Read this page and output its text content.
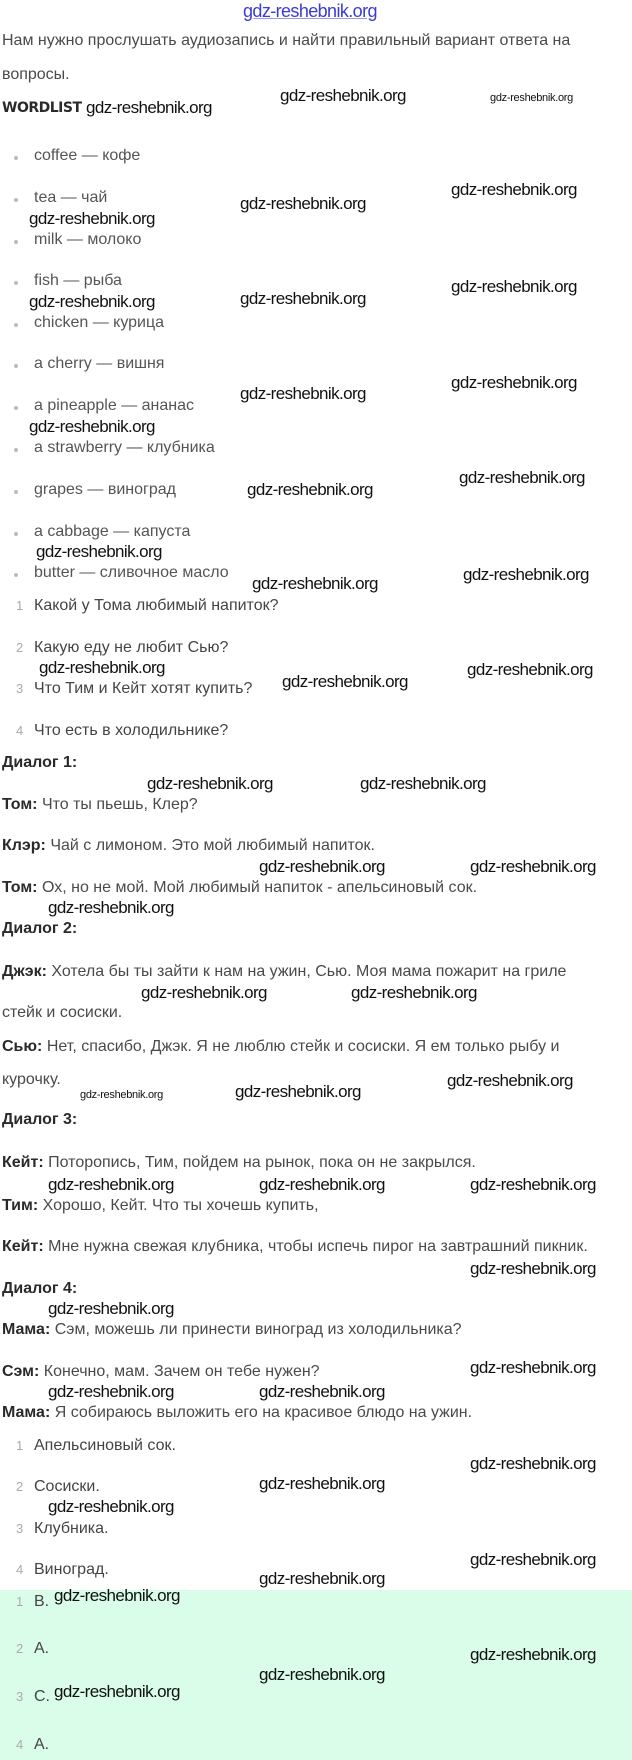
Нам нужно прослушать аудиозапись и найти правильный вариант ответа на
вопросы.
WORDLIST
coffee — кофе
tea — чай
milk — молоко
fish — рыба
chicken — курица
a cherry — вишня
a pineapple — ананас
a strawberry — клубника
grapes — виноград
a cabbage — капуста
butter — сливочное масло
1 Какой у Тома любимый напиток?
2 Какую еду не любит Сью?
3 Что Тим и Кейт хотят купить?
4 Что есть в холодильнике?
Диалог 1:
Том: Что ты пьешь, Клер?
Клэр: Чай с лимоном. Это мой любимый напиток.
Том: Ох, но не мой. Мой любимый напиток - апельсиновый сок.
Диалог 2:
Джэк: Хотела бы ты зайти к нам на ужин, Сью. Моя мама пожарит на гриле
стейк и сосиски.
Сью: Нет, спасибо, Джэк. Я не люблю стейк и сосиски. Я ем только рыбу и
курочку.
Диалог 3:
Кейт: Поторопись, Тим, пойдем на рынок, пока он не закрылся.
Тим: Хорошо, Кейт. Что ты хочешь купить,
Кейт: Мне нужна свежая клубника, чтобы испечь пирог на завтрашний пикник.
Диалог 4:
Мама: Сэм, можешь ли принести виноград из холодильника?
Сэм: Конечно, мам. Зачем он тебе нужен?
Мама: Я собираюсь выложить его на красивое блюдо на ужин.
1 Апельсиновый сок.
2 Сосиски.
3 Клубника.
4 Виноград.
1 B.
2 A.
3 C.
4 A.
gdz-reshebnik.org
gdz-reshebnik.org
gdz-reshebnik.org	gdz-reshebnik.org
gdz-reshebnik.org
gdz-reshebnik.org
gdz-reshebnik.org
gdz-reshebnik.org
gdz-reshebnik.org	gdz-reshebnik.org
gdz-reshebnik.org
gdz-reshebnik.org
gdz-reshebnik.org
gdz-reshebnik.org
gdz-reshebnik.org
gdz-reshebnik.org
gdz-reshebnik.org	gdz-reshebnik.org
gdz-reshebnik.org
gdz-reshebnik.org
gdz-reshebnik.org
gdz-reshebnik.org	gdz-reshebnik.org
gdz-reshebnik.org	gdz-reshebnik.org
gdz-reshebnik.org
gdz-reshebnik.org	gdz-reshebnik.org
gdz-reshebnik.org	gdz-reshebnik.org
gdz-reshebnik.org
gdz-reshebnik.org	gdz-reshebnik.org	gdz-reshebnik.org
gdz-reshebnik.org
gdz-reshebnik.org
gdz-reshebnik.org
gdz-reshebnik.org
gdz-reshebnik.org
gdz-reshebnik.org
gdz-reshebnik.org
gdz-reshebnik.org
gdz-reshebnik.org
gdz-reshebnik.org
gdz-reshebnik.org
gdz-reshebnik.org
gdz-reshebnik.org
gdz-reshebnik.org
